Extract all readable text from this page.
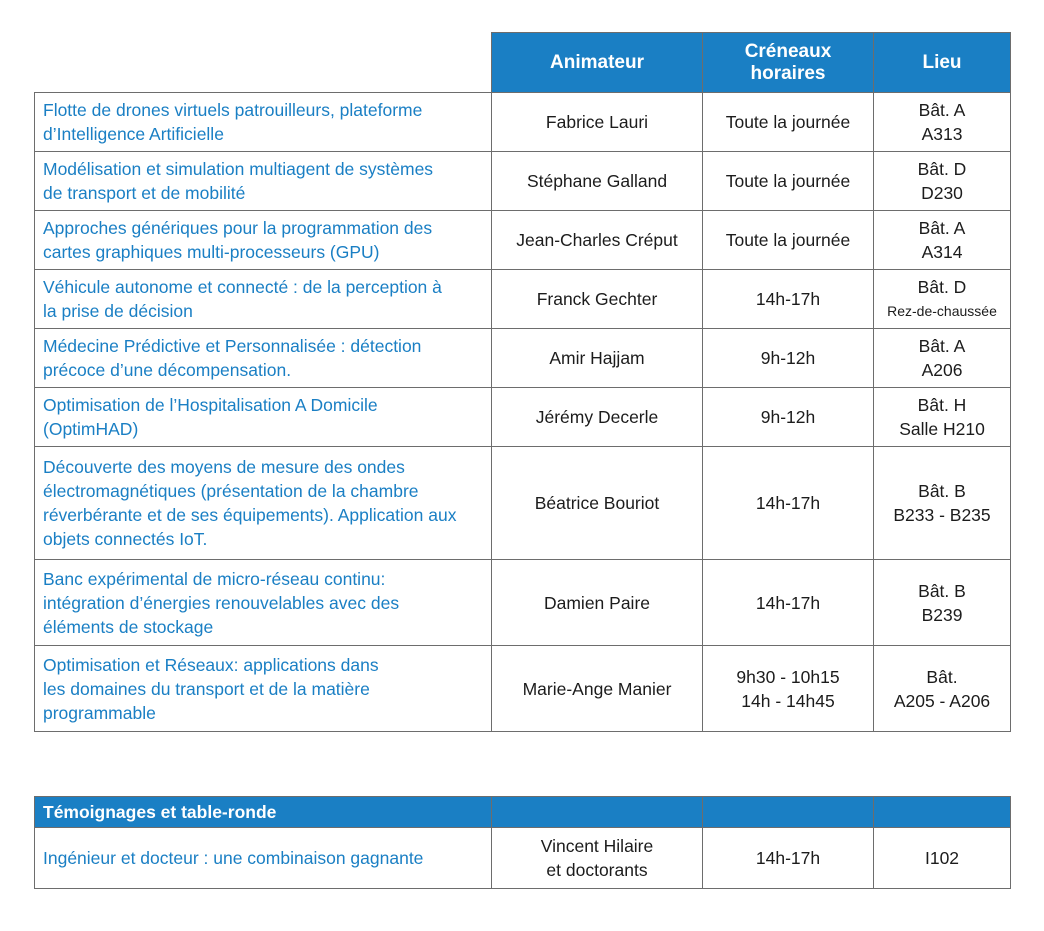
	Animateur	Créneaux
horaires	Lieu

Flotte de drones virtuels patrouilleurs, plateforme
d’Intelligence Artificielle	Fabrice Lauri	Toute la journée	Bât. A
A313

Modélisation et simulation multiagent de systèmes
de transport et de mobilité	Stéphane Galland	Toute la journée	Bât. D
D230

Approches génériques pour la programmation des
cartes graphiques multi-processeurs (GPU)	Jean-Charles Créput	Toute la journée	Bât. A
A314

Véhicule autonome et connecté : de la perception à
la prise de décision	Franck Gechter	14h-17h	Bât. D
Rez-de-chaussée

Médecine Prédictive et Personnalisée : détection
précoce d’une décompensation.	Amir Hajjam	9h-12h	Bât. A
A206

Optimisation de l’Hospitalisation A Domicile
(OptimHAD)	Jérémy Decerle	9h-12h	Bât. H
Salle H210

Découverte des moyens de mesure des ondes
électromagnétiques (présentation de la chambre
réverbérante et de ses équipements). Application aux
objets connectés IoT.	Béatrice Bouriot	14h-17h	Bât. B
B233 - B235

Banc expérimental de micro-réseau continu:
intégration d’énergies renouvelables avec des
éléments de stockage	Damien Paire	14h-17h	Bât. B
B239

Optimisation et Réseaux: applications dans
les domaines du transport et de la matière
programmable	Marie-Ange Manier	9h30 - 10h15
14h - 14h45	Bât.
A205 - A206
Témoignages et table-ronde			

Ingénieur et docteur : une combinaison gagnante	Vincent Hilaire
et doctorants	14h-17h	I102
